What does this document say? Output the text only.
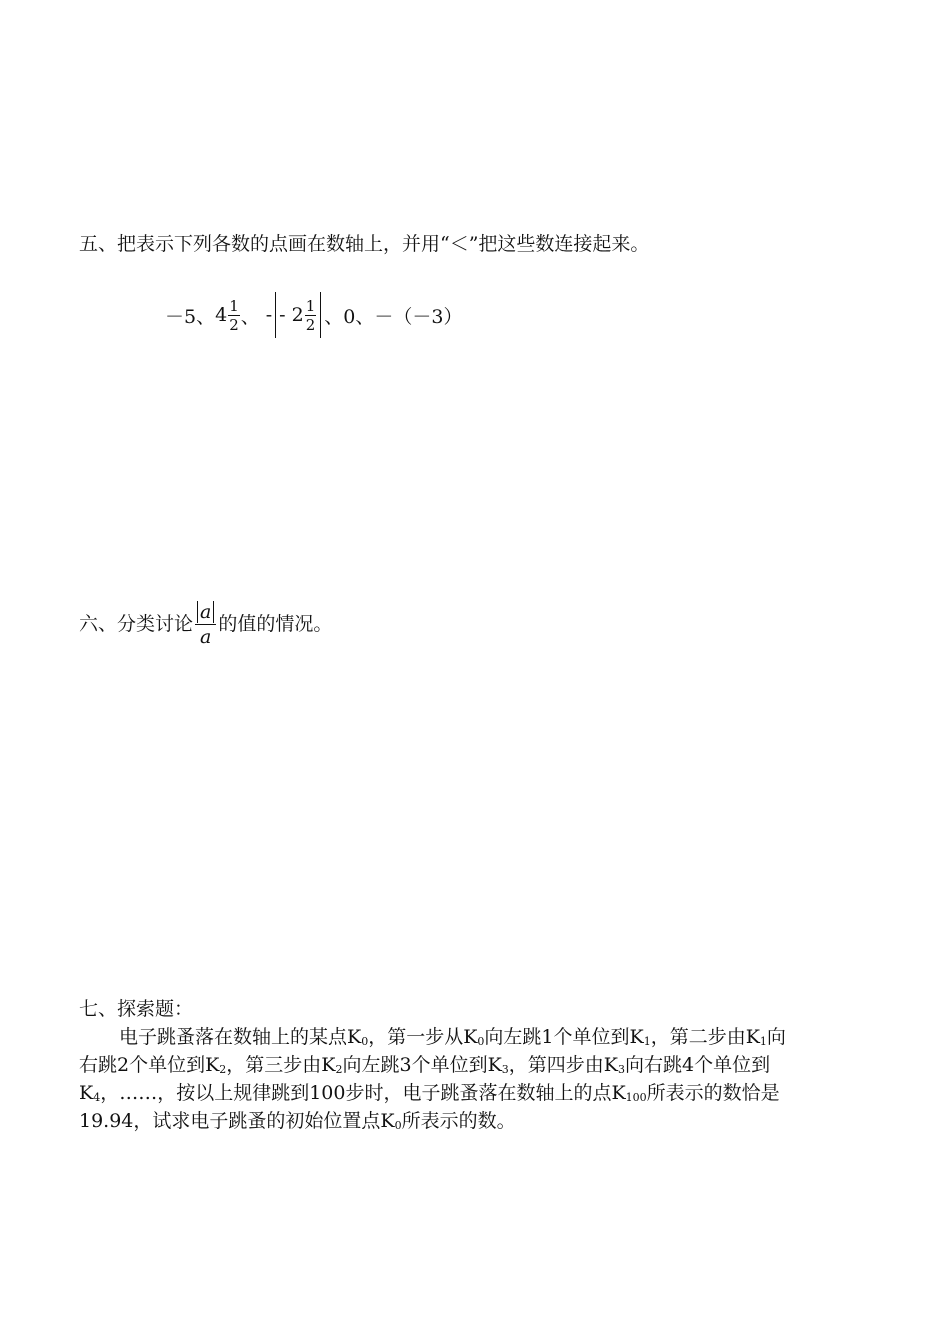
五、把表示下列各数的点画在数轴上，并用“＜”把这些数连接起来。
－5、 $4 \frac{1}{2}$ 、 - - $2 \frac{1}{2}$ 、0、－（－3）
六、分类讨论 $\frac{a}{a}$ 的值的情况。
七、探索题：
电子跳蚤落在数轴上的某点$K_0$，第一步从$K_0$向左跳1个单位到$K_1$，第二步由$K_1$向
右跳2个单位到$K_2$，第三步由$K_2$向左跳3个单位到$K_3$，第四步由$K_3$向右跳4个单位到
$K_4$，……，按以上规律跳到100步时，电子跳蚤落在数轴上的点$K_{100}$所表示的数恰是
19.94，试求电子跳蚤的初始位置点$K_0$所表示的数。
